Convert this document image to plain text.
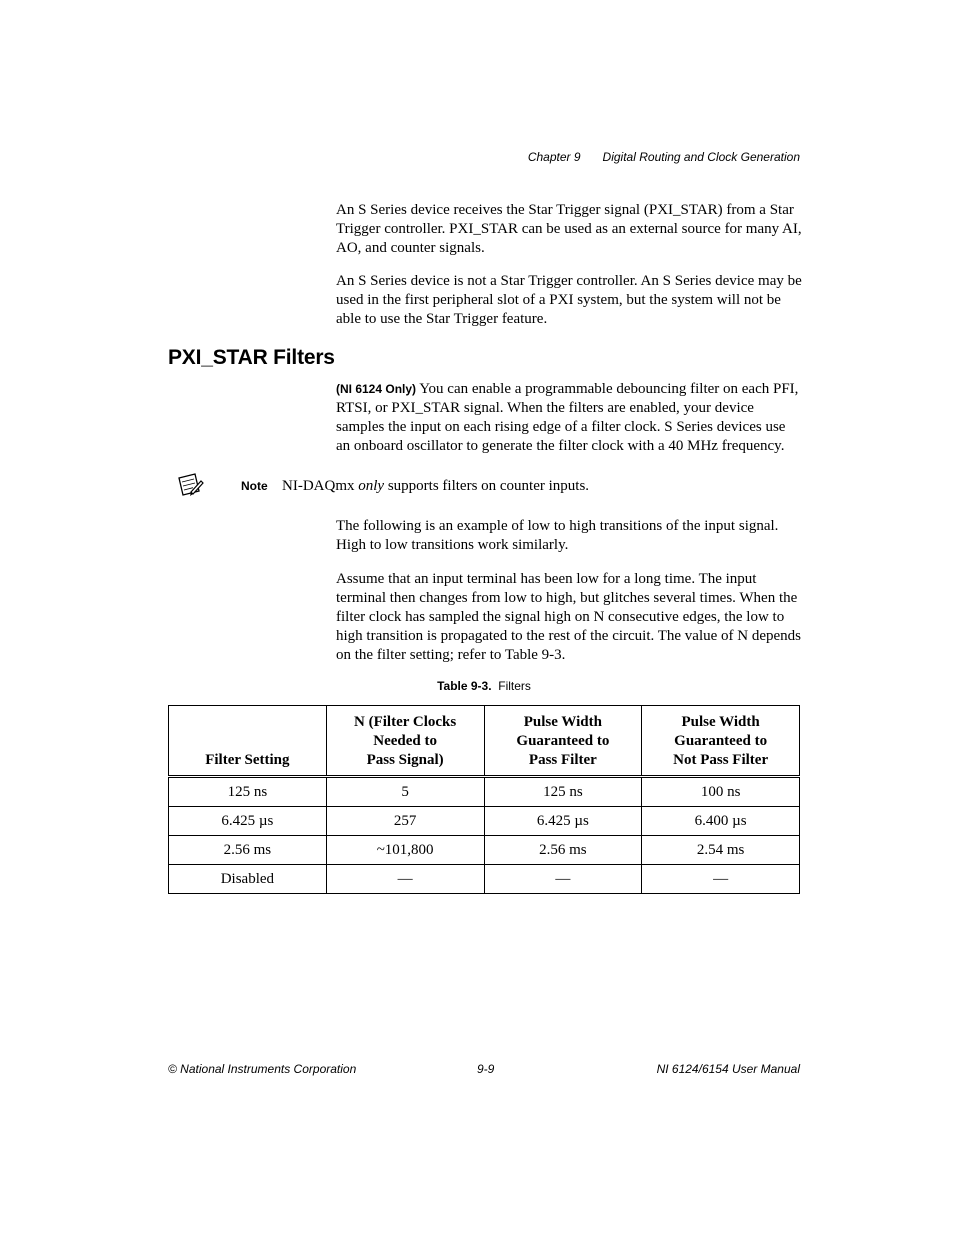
Chapter 9 Digital Routing and Clock Generation

An S Series device receives the Star Trigger signal (PXI_STAR) from a Star Trigger controller. PXI_STAR can be used as an external source for many AI, AO, and counter signals.

An S Series device is not a Star Trigger controller. An S Series device may be used in the first peripheral slot of a PXI system, but the system will not be able to use the Star Trigger feature.

PXI_STAR Filters

(NI 6124 Only) You can enable a programmable debouncing filter on each PFI, RTSI, or PXI_STAR signal. When the filters are enabled, your device samples the input on each rising edge of a filter clock. S Series devices use an onboard oscillator to generate the filter clock with a 40 MHz frequency.

Note NI-DAQmx only supports filters on counter inputs.

The following is an example of low to high transitions of the input signal. High to low transitions work similarly.

Assume that an input terminal has been low for a long time. The input terminal then changes from low to high, but glitches several times. When the filter clock has sampled the signal high on N consecutive edges, the low to high transition is propagated to the rest of the circuit. The value of N depends on the filter setting; refer to Table 9-3.

Table 9-3. Filters
Filter Setting	N (Filter Clocks
Needed to
Pass Signal)	Pulse Width
Guaranteed to
Pass Filter	Pulse Width
Guaranteed to
Not Pass Filter
125 ns	5	125 ns	100 ns
6.425 µs	257	6.425 µs	6.400 µs
2.56 ms	~101,800	2.56 ms	2.54 ms
Disabled	—	—	—
© National Instruments Corporation	9-9	NI 6124/6154 User Manual
